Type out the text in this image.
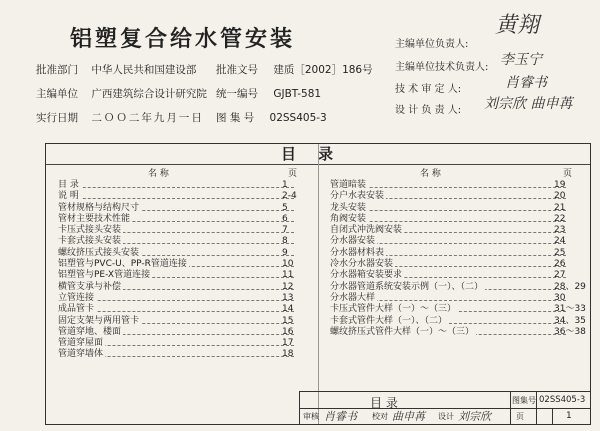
铝塑复合给水管安装
批准部门 中华人民共和国建设部 批准文号 建质［2002］186号
主编单位 广西建筑综合设计研究院 统一编号 GJBT-581
实行日期 二ＯＯ二年九月一日 图 集 号 02SS405-3
主编单位负责人:
黄翔
主编单位技术负责人: 李玉宁
技 术 审 定 人:	肖睿书
设 计 负 责 人: 刘宗欣 曲申苒
目录
名 称	页
目 录	1
说 明	2-4
管材规格与结构尺寸	5
管材主要技术性能	6
卡压式接头安装	7
卡套式接头安装	8
螺纹挤压式接头安装	9
铝塑管与PVC-U、PP-R管道连接	10
铝塑管与PE-X管道连接	11
横管支承与补偿	12
立管连接	13
成品管卡	14
固定支架与两用管卡	15
管道穿地、楼面	16
管道穿屋面	17
管道穿墙体	18
名 称	页
管道暗装	19
分户水表安装	20
龙头安装	21
角阀安装	22
自闭式冲洗阀安装	23
分水器安装	24
分水器材料表	25
冷水分水器安装	26
分水器箱安装要求	27
分水器管道系统安装示例（一）、（二）	28、29
分水器大样	30
卡压式管件大样（一）～（三）	31～33
卡套式管件大样（一）、（二）	34、35
螺纹挤压式管件大样（一）～（三）	36～38
目 录	图集号 02SS405-3
审核 肖睿书 校对 曲申苒 设计 刘宗欣	页	1
